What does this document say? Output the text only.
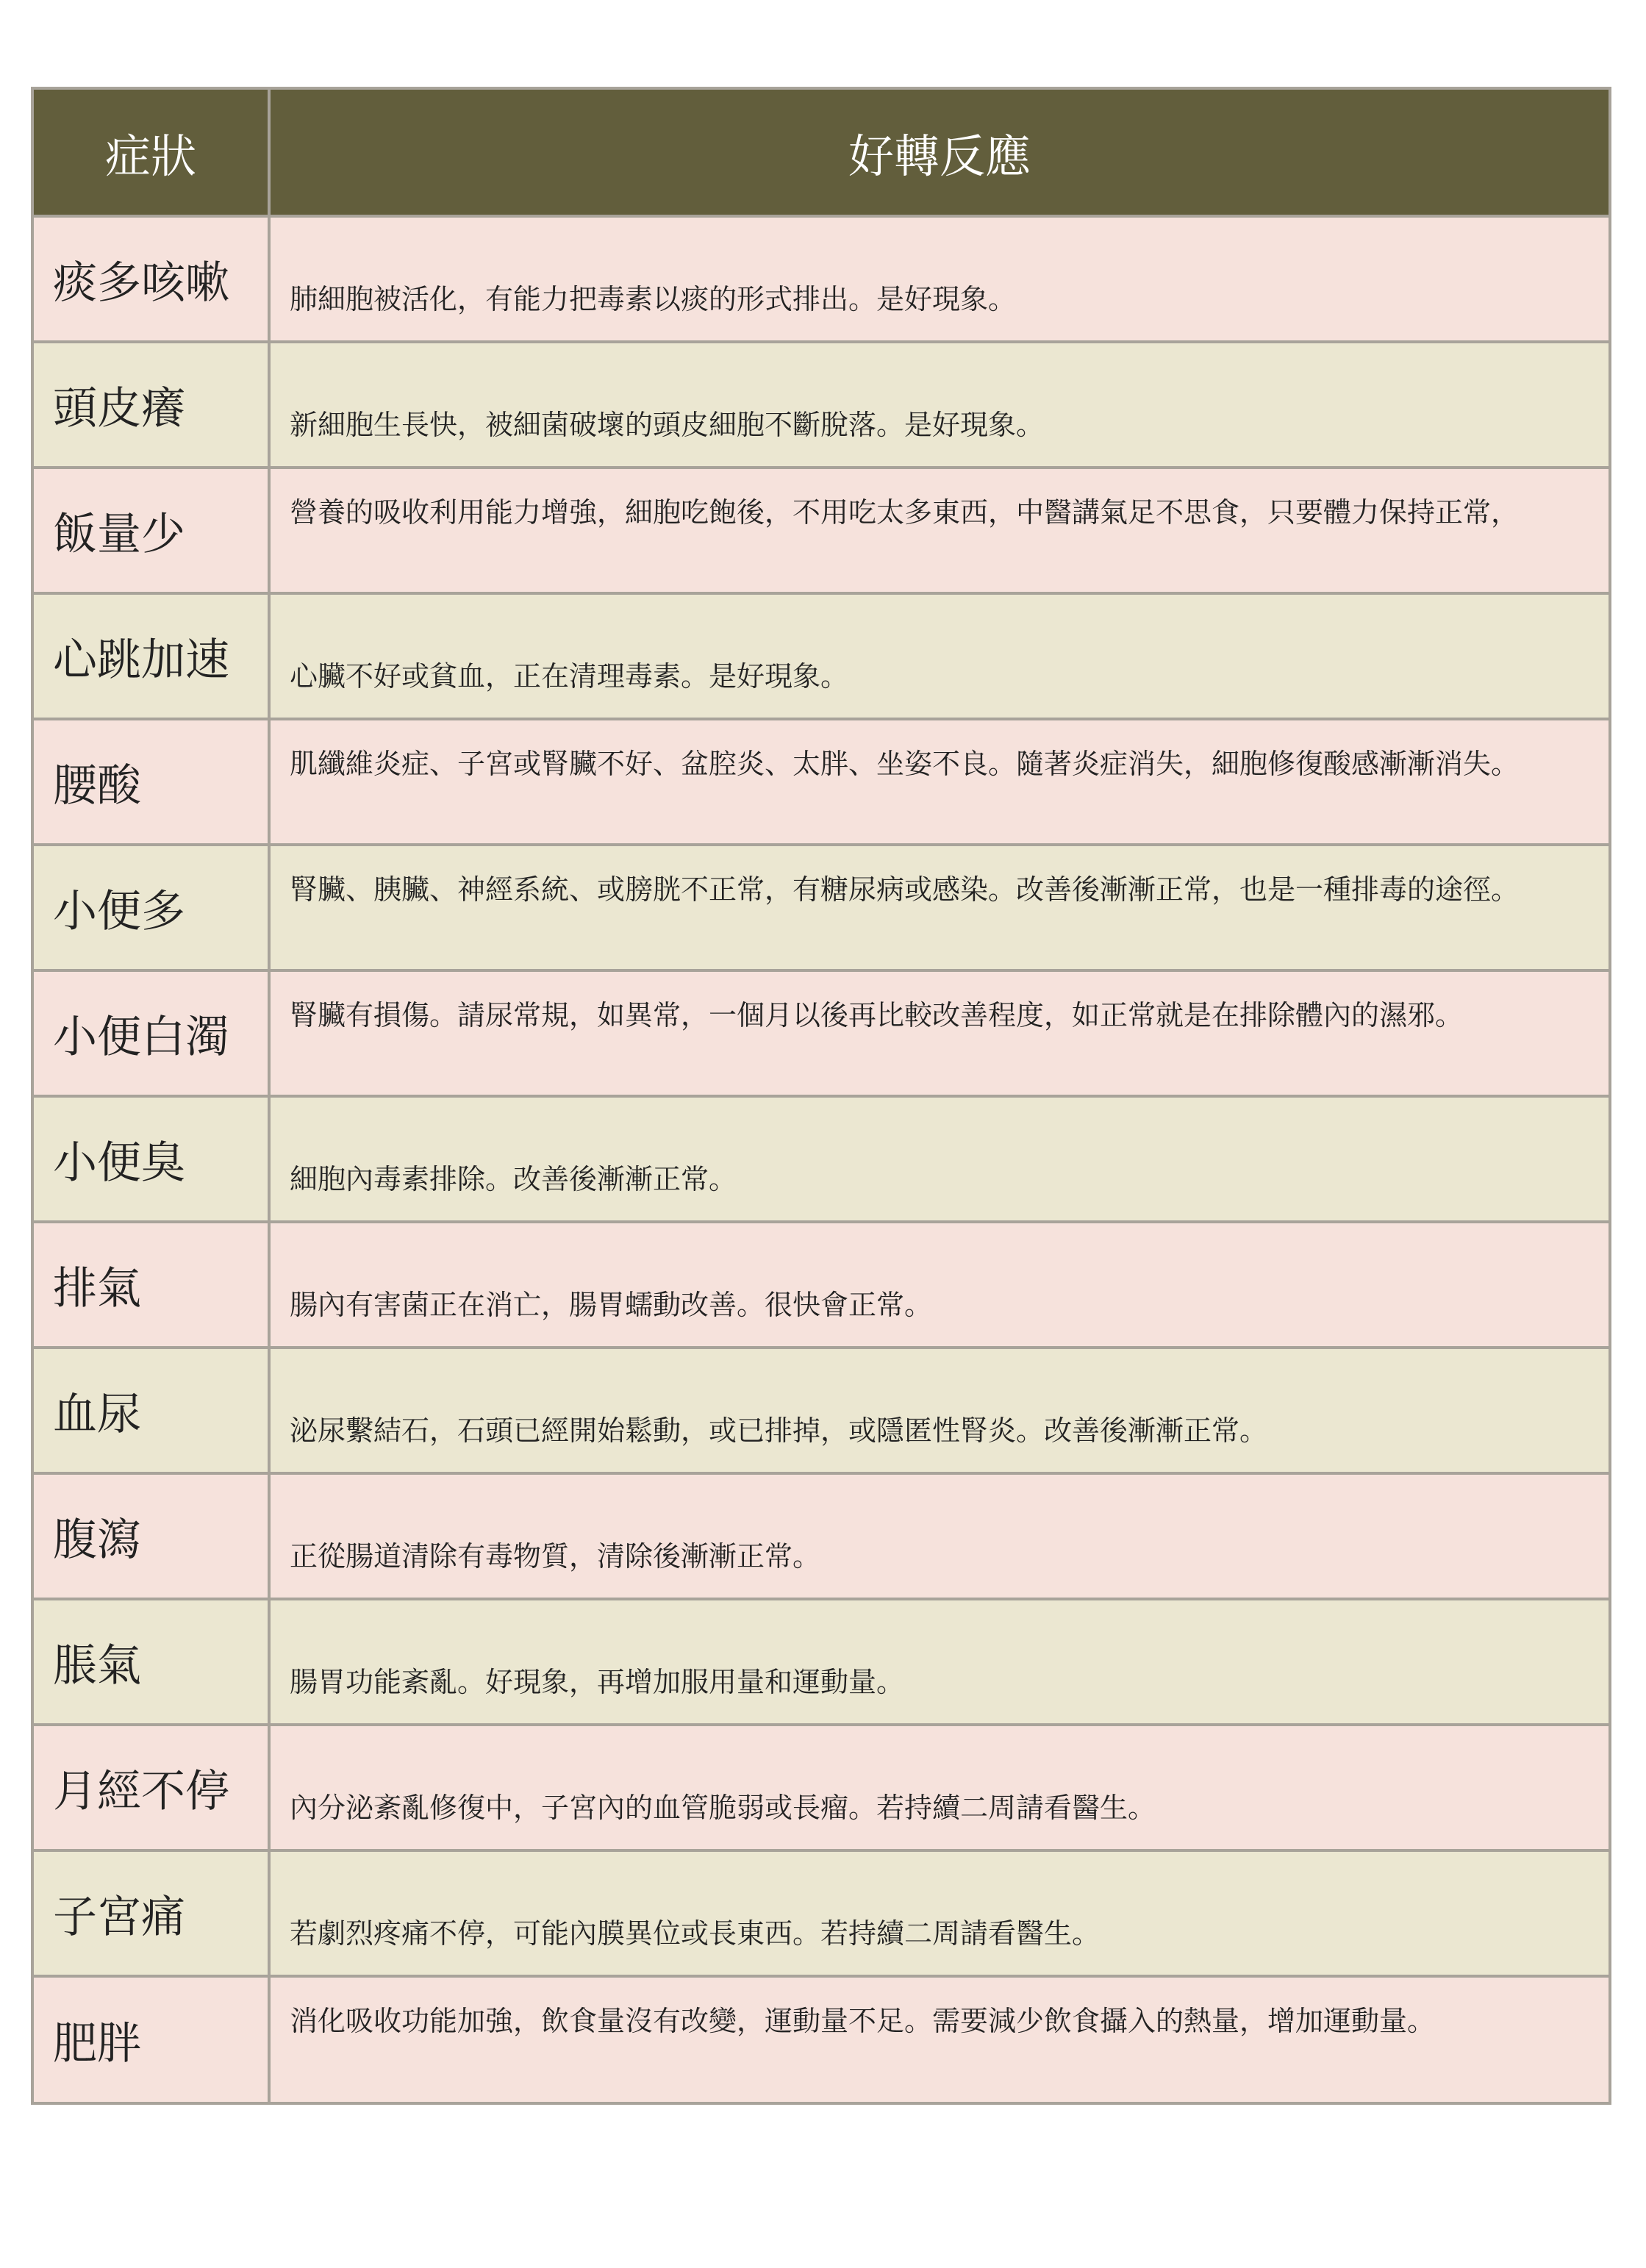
症狀	好轉反應

痰多咳嗽	肺細胞被活化，有能力把毒素以痰的形式排出。是好現象。

頭皮癢	新細胞生長快，被細菌破壞的頭皮細胞不斷脫落。是好現象。

飯量少	營養的吸收利用能力增強，細胞吃飽後，不用吃太多東西，中醫講氣足不思食，只要體力保持正常，

心跳加速	心臟不好或貧血，正在清理毒素。是好現象。

腰酸	肌纖維炎症、子宮或腎臟不好、盆腔炎、太胖、坐姿不良。隨著炎症消失，細胞修復酸感漸漸消失。

小便多	腎臟、胰臟、神經系統、或膀胱不正常，有糖尿病或感染。改善後漸漸正常，也是一種排毒的途徑。

小便白濁	腎臟有損傷。請尿常規，如異常，一個月以後再比較改善程度，如正常就是在排除體內的濕邪。

小便臭	細胞內毒素排除。改善後漸漸正常。

排氣	腸內有害菌正在消亡，腸胃蠕動改善。很快會正常。

血尿	泌尿繫結石，石頭已經開始鬆動，或已排掉，或隱匿性腎炎。改善後漸漸正常。

腹瀉	正從腸道清除有毒物質，清除後漸漸正常。

脹氣	腸胃功能紊亂。好現象，再增加服用量和運動量。

月經不停	內分泌紊亂修復中，子宮內的血管脆弱或長瘤。若持續二周請看醫生。

子宮痛	若劇烈疼痛不停，可能內膜異位或長東西。若持續二周請看醫生。

肥胖	消化吸收功能加強，飲食量沒有改變，運動量不足。需要減少飲食攝入的熱量，增加運動量。
